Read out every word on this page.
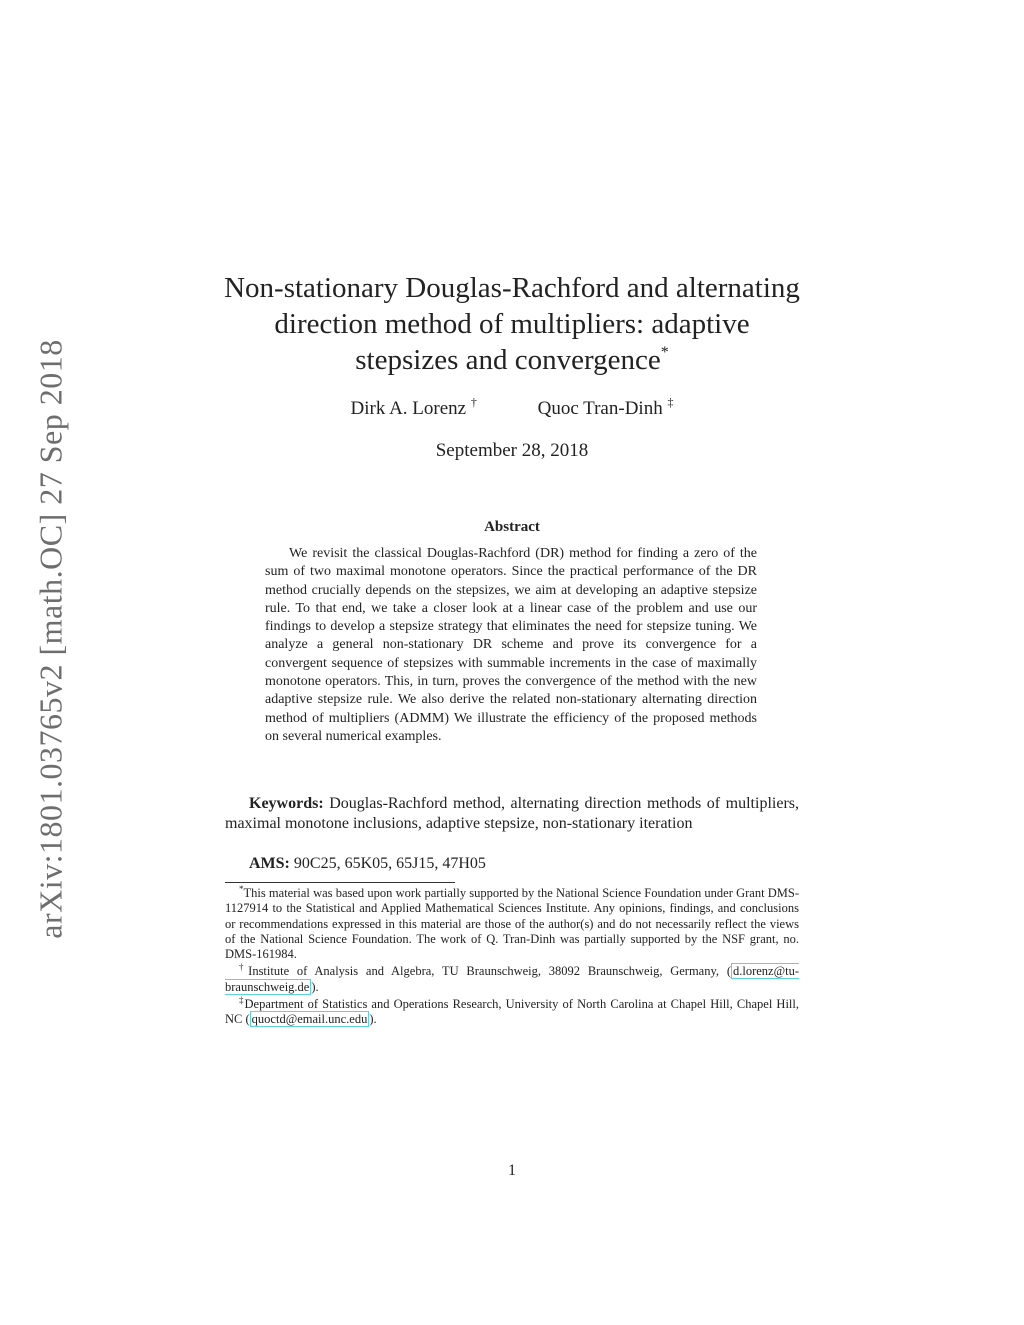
arXiv:1801.03765v2 [math.OC] 27 Sep 2018
Non-stationary Douglas-Rachford and alternating
direction method of multipliers: adaptive
stepsizes and convergence*
Dirk A. Lorenz †	Quoc Tran-Dinh ‡
September 28, 2018
Abstract
We revisit the classical Douglas-Rachford (DR) method for finding a zero of the sum of two maximal monotone operators. Since the practical performance of the DR method crucially depends on the stepsizes, we aim at developing an adaptive stepsize rule. To that end, we take a closer look at a linear case of the problem and use our findings to develop a stepsize strategy that eliminates the need for stepsize tuning. We analyze a general non-stationary DR scheme and prove its convergence for a convergent sequence of stepsizes with summable increments in the case of maximally monotone operators. This, in turn, proves the convergence of the method with the new adaptive stepsize rule. We also derive the related non-stationary alternating direction method of multipliers (ADMM) We illustrate the efficiency of the proposed methods on several numerical examples.
Keywords: Douglas-Rachford method, alternating direction methods of multipliers, maximal monotone inclusions, adaptive stepsize, non-stationary iteration
AMS: 90C25, 65K05, 65J15, 47H05
*This material was based upon work partially supported by the National Science Foundation under Grant DMS-1127914 to the Statistical and Applied Mathematical Sciences Institute. Any opinions, findings, and conclusions or recommendations expressed in this material are those of the author(s) and do not necessarily reflect the views of the National Science Foundation. The work of Q. Tran-Dinh was partially supported by the NSF grant, no. DMS-161984.
†Institute of Analysis and Algebra, TU Braunschweig, 38092 Braunschweig, Germany, ( d.lorenz@tu-braunschweig.de ).
‡Department of Statistics and Operations Research, University of North Carolina at Chapel Hill, Chapel Hill, NC ( quoctd@email.unc.edu ).
1
